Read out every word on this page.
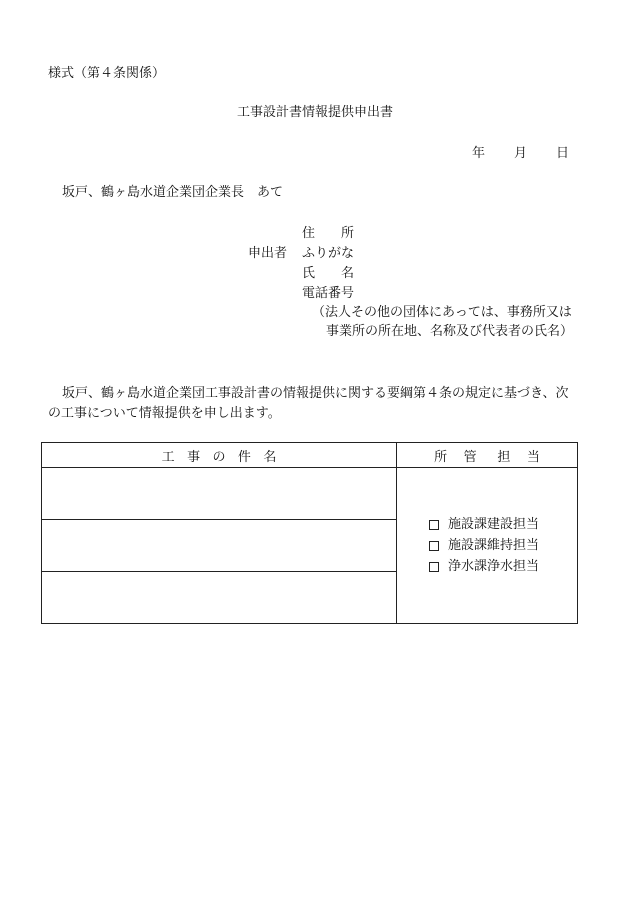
様式（第４条関係）
工事設計書情報提供申出書
年 月 日
坂戸、鶴ヶ島水道企業団企業長　あて
申出者
住 所
ふりがな
氏 名
電話番号
（法人その他の団体にあっては、事務所又は
事業所の所在地、名称及び代表者の氏名）
坂戸、鶴ヶ島水道企業団工事設計書の情報提供に関する要綱第４条の規定に基づき、次
の工事について情報提供を申し出ます。
工 事 の 件 名	所 管 担 当

	施設課建設担当
施設課維持担当
浄水課浄水担当
